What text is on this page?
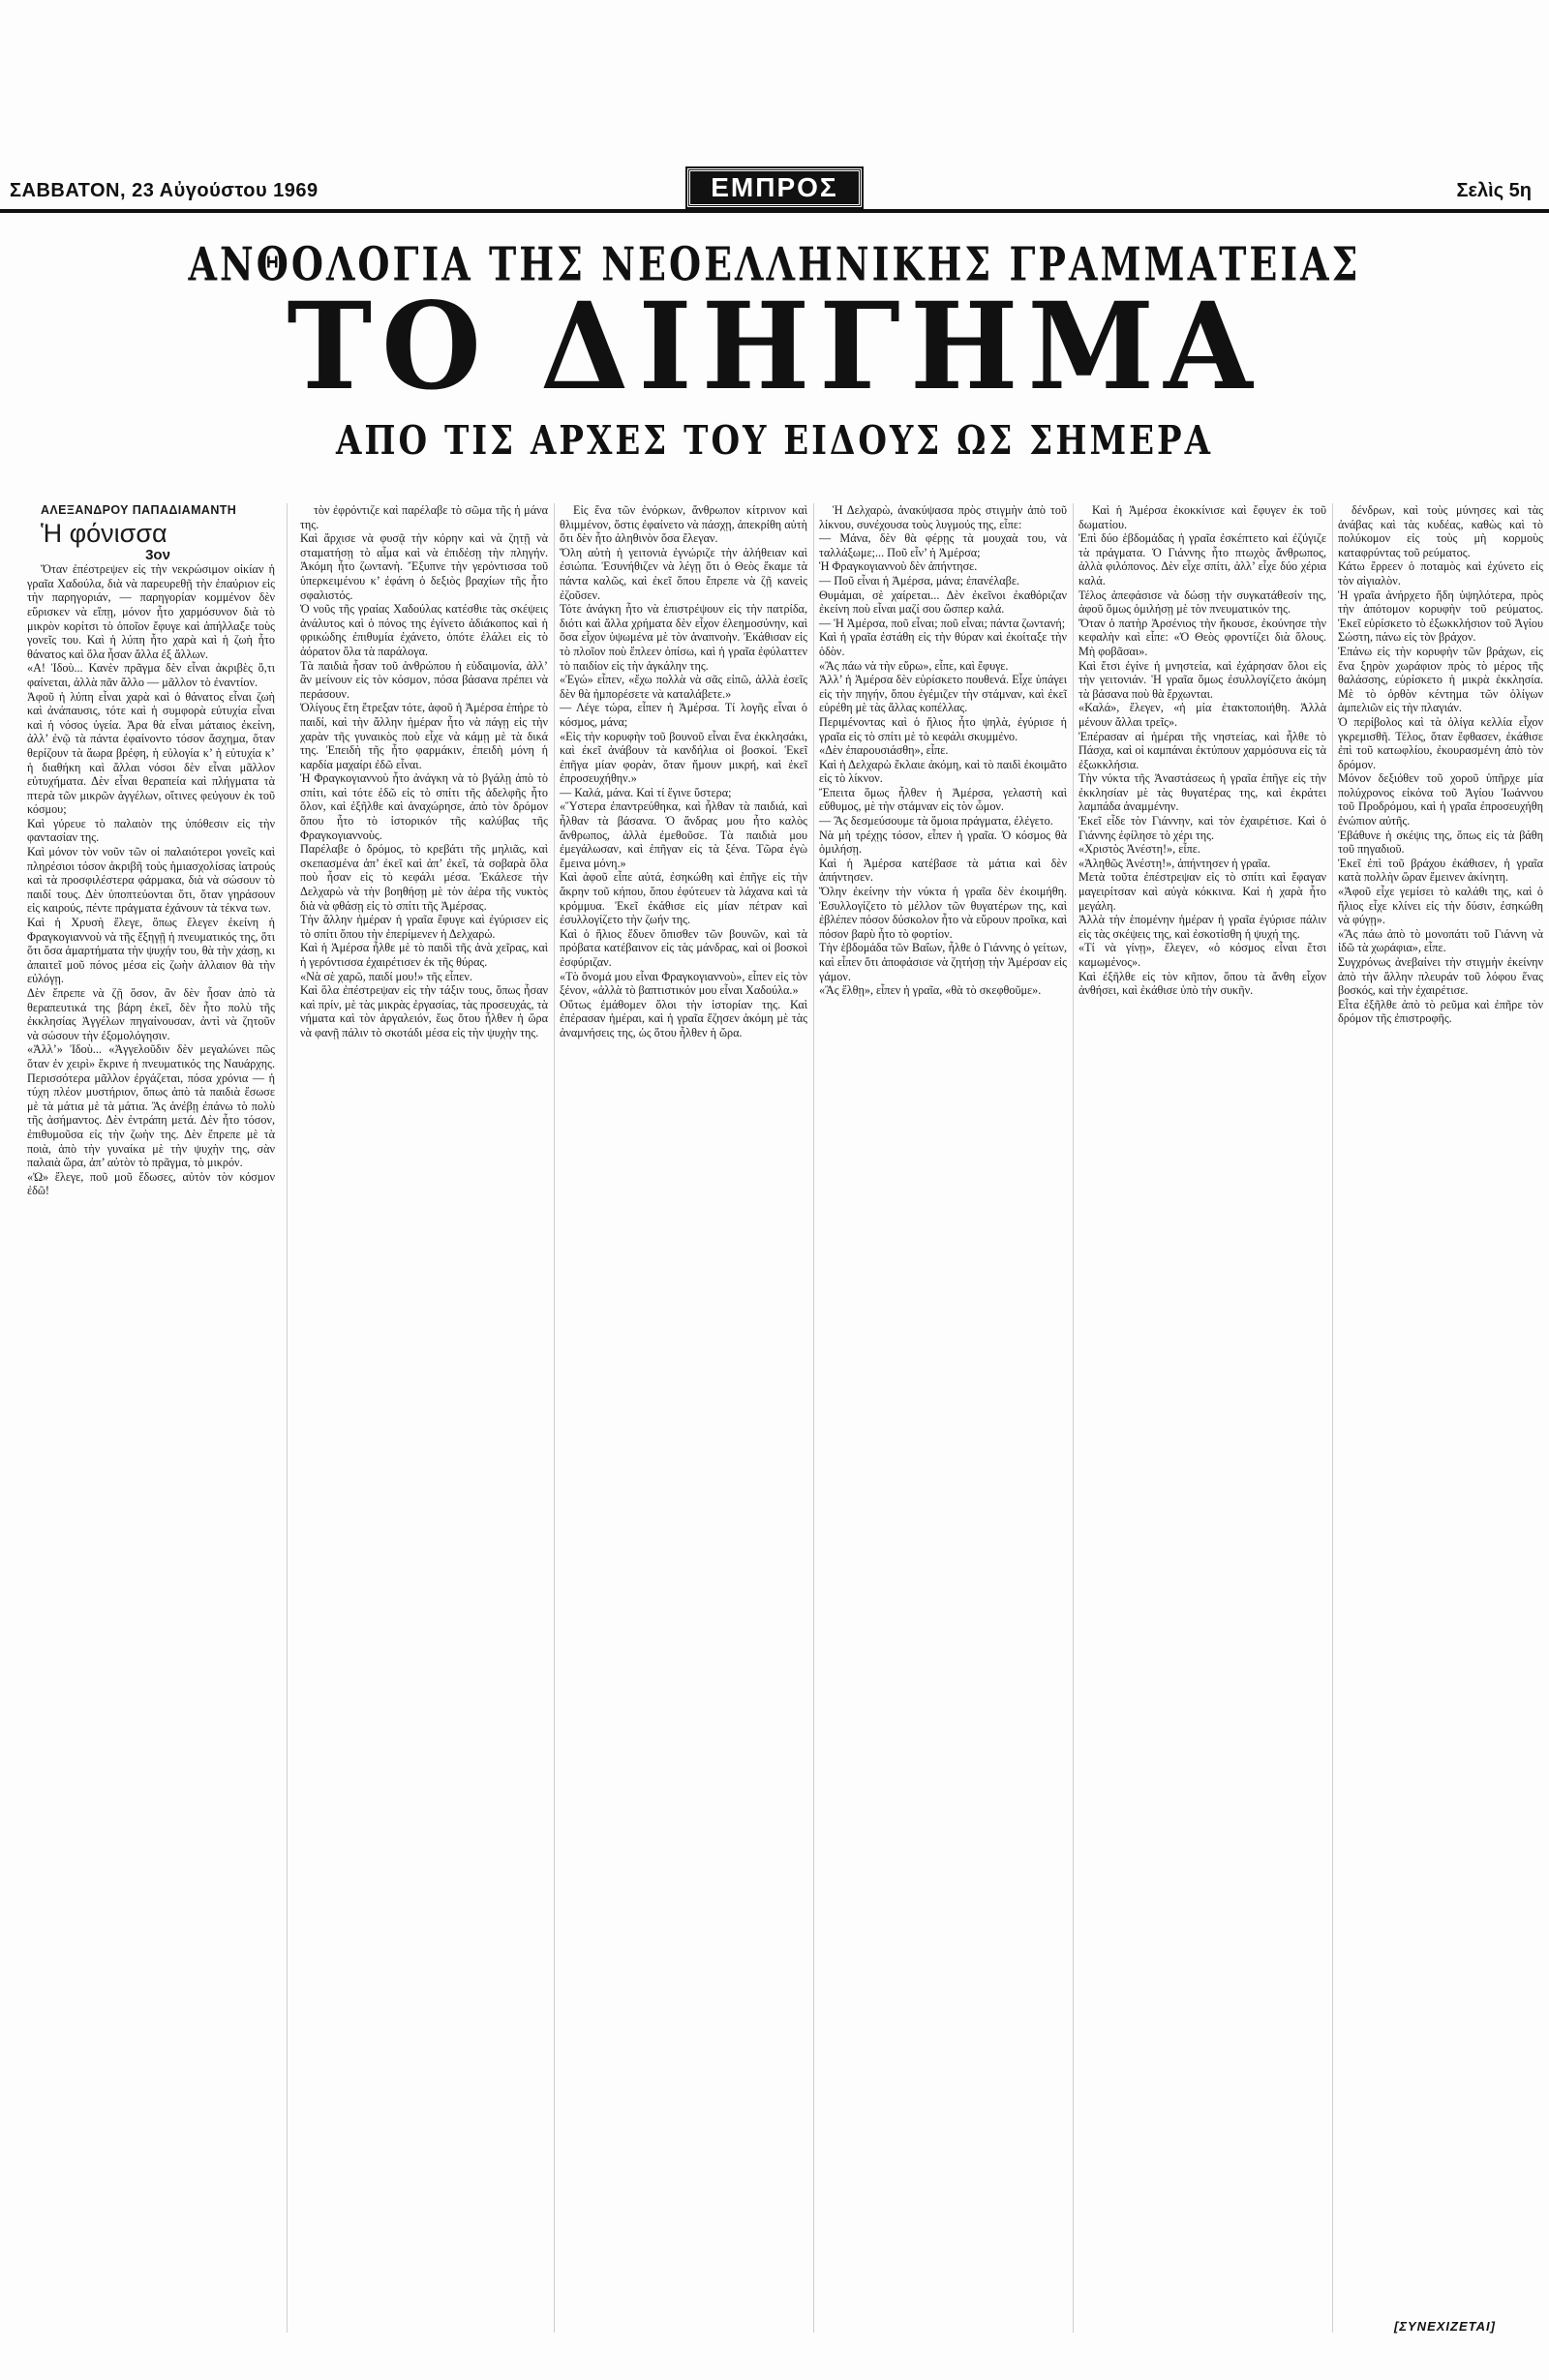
ΣΑΒΒΑΤΟΝ, 23 Αὐγούστου 1969	ΕΜΠΡΟΣ	Σελὶς 5η
ΑΝΘΟΛΟΓΙΑ ΤΗΣ ΝΕΟΕΛΛΗΝΙΚΗΣ ΓΡΑΜΜΑΤΕΙΑΣ
ΤΟ ΔΙΗΓΗΜΑ
ΑΠΟ ΤΙΣ ΑΡΧΕΣ ΤΟΥ ΕΙΔΟΥΣ ΩΣ ΣΗΜΕΡΑ

ΑΛΕΞΑΝΔΡΟΥ ΠΑΠΑΔΙΑΜΑΝΤΗ

Ἡ φόνισσα

3ον

Ὅταν ἐπέστρεψεν εἰς τὴν νεκρώσιμον οἰκίαν ἡ γραῖα Χαδούλα, διὰ νὰ παρευρεθῇ τὴν ἐπαύριον εἰς τὴν παρηγοριάν, — παρηγορίαν κομμένον δὲν εὕρισκεν νὰ εἴπῃ, μόνον ἦτο χαρμόσυνον διὰ τὸ μικρὸν κορίτσι τὸ ὁποῖον ἔφυγε καὶ ἀπήλλαξε τοὺς γονεῖς του. Καὶ ἡ λύπη ἦτο χαρὰ καὶ ἡ ζωὴ ἦτο θάνατος καὶ ὅλα ἦσαν ἄλλα ἐξ ἄλλων.
«Α! Ἰδοὺ... Κανὲν πρᾶγμα δὲν εἶναι ἀκριβὲς ὅ,τι φαίνεται, ἀλλὰ πᾶν ἄλλο — μᾶλλον τὸ ἐναντίον.
Ἀφοῦ ἡ λύπη εἶναι χαρὰ καὶ ὁ θάνατος εἶναι ζωὴ καὶ ἀνάπαυσις, τότε καὶ ἡ συμφορὰ εὐτυχία εἶναι καὶ ἡ νόσος ὑγεία. Ἀρα θὰ εἶναι μάταιος ἐκείνη, ἀλλ’ ἐνῷ τὰ πάντα ἐφαίνοντο τόσον ἄσχημα, ὅταν θερίζουν τὰ ἄωρα βρέφη, ἡ εὐλογία κ’ ἡ εὐτυχία κ’ ἡ διαθήκη καὶ ἄλλαι νόσοι δὲν εἶναι μᾶλλον εὐτυχήματα. Δὲν εἶναι θεραπεία καὶ πλήγματα τὰ πτερὰ τῶν μικρῶν ἀγγέλων, οἵτινες φεύγουν ἐκ τοῦ κόσμου;
Καὶ γύρευε τὸ παλαιὸν της ὑπόθεσιν εἰς τὴν φαντασίαν της.
Καὶ μόνον τὸν νοῦν τῶν οἰ παλαιότεροι γονεῖς καὶ πληρέσιοι τόσον ἀκριβῆ τοὺς ἡμιασχολίσας ἰατρούς καὶ τὰ προσφιλέστερα φάρμακα, διὰ νὰ σώσουν τὸ παιδί τους. Δὲν ὑποπτεύονται ὅτι, ὅταν γηράσουν εἰς καιρούς, πέντε πράγματα ἐχάνουν τὰ τέκνα των.
Καὶ ἡ Χρυσὴ ἔλεγε, ὅπως ἔλεγεν ἐκείνη ἡ Φραγκογιαννοὺ νὰ τῆς ἔξηγῇ ἡ πνευματικός της, ὅτι ὅτι ὅσα ἀμαρτήματα τὴν ψυχήν του, θὰ τὴν χάσῃ, κι ἀπαιτεῖ μοῦ πόνος μέσα εἰς ζωὴν ἀλλαιον θὰ τὴν εὐλόγῃ.
Δὲν ἔπρεπε νὰ ζῇ ὅσον, ἂν δὲν ἦσαν ἀπὸ τὰ θεραπευτικά της βάρη ἐκεῖ, δὲν ἦτο πολὺ τῆς ἐκκλησίας Ἀγγέλων πηγαίνουσαν, ἀντὶ νὰ ζητοῦν νὰ σώσουν τὴν ἐξομολόγησιν.
«Ἀλλ’» Ἰδοὺ... «Ἀγγελοῦδιν δὲν μεγαλώνει πῶς ὅταν ἐν χειρὶ» ἔκρινε ἡ πνευματικός της Ναυάρχης. Περισσότερα μᾶλλον ἐργάζεται, πόσα χρόνια — ἡ τύχη πλέον μυστήριον, ὅπως ἀπὸ τὰ παιδιὰ ἔσωσε μὲ τὰ μάτια μὲ τὰ μάτια. Ἂς ἀνέβῃ ἐπάνω τὸ πολὺ τῆς ἀσήμαντος. Δὲν ἐντράπη μετά. Δὲν ἦτο τόσον, ἐπιθυμοῦσα εἰς τὴν ζωὴν της. Δὲν ἔπρεπε μὲ τὰ ποιὰ, ἀπὸ τὴν γυναίκα μὲ τὴν ψυχὴν της, σὰν παλαιὰ ὥρα, ἀπ’ αὐτὸν τὸ πρᾶγμα, τὸ μικρόν.
«Ὠ» ἔλεγε, ποῦ μοῦ ἔδωσες, αὐτὸν τὸν κόσμον ἐδῶ!

τὸν ἐφρόντιζε καὶ παρέλαβε τὸ σῶμα τῆς ἡ μάνα της.
Καὶ ἄρχισε νὰ φυσᾷ τὴν κόρην καὶ νὰ ζητῇ νὰ σταματήσῃ τὸ αἷμα καὶ νὰ ἐπιδέσῃ τὴν πληγήν. Ἀκόμη ἦτο ζωντανὴ. Ἔξυπνε τὴν γερόντισσα τοῦ ὑπερκειμένου κ’ ἐφάνη ὁ δεξιὸς βραχίων τῆς ἦτο σφαλιστός.
Ὁ νοῦς τῆς γραίας Χαδούλας κατέσθιε τὰς σκέψεις ἀνάλυτος καὶ ὁ πόνος της ἐγίνετο ἀδιάκοπος καὶ ἡ φρικώδης ἐπιθυμία ἐχάνετο, ὁπότε ἐλάλει εἰς τὸ ἀόρατον ὅλα τὰ παράλογα.
Τὰ παιδιὰ ἦσαν τοῦ ἀνθρώπου ἡ εὐδαιμονία, ἀλλ’ ἂν μείνουν εἰς τὸν κόσμον, πόσα βάσανα πρέπει νὰ περάσουν.
Ὁλίγους ἔτη ἔτρεξαν τότε, ἀφοῦ ἡ Ἀμέρσα ἐπήρε τὸ παιδί, καὶ τὴν ἄλλην ἡμέραν ἦτο νὰ πάγῃ εἰς τὴν χαρὰν τῆς γυναικὸς ποὺ εἶχε νὰ κάμῃ μὲ τὰ δικά της. Ἐπειδὴ τῆς ἦτο φαρμάκιν, ἐπειδὴ μόνη ἡ καρδία μαχαίρι ἐδῶ εἶναι.
Ἡ Φραγκογιαννοὺ ἦτο ἀνάγκη νὰ τὸ βγάλῃ ἀπὸ τὸ σπίτι, καὶ τότε ἐδῶ εἰς τὸ σπίτι τῆς ἀδελφῆς ἦτο ὅλον, καὶ ἐξῆλθε καὶ ἀναχώρησε, ἀπὸ τὸν δρόμον ὅπου ἦτο τὸ ἱστορικόν τῆς καλύβας τῆς Φραγκογιαννοὺς.
Παρέλαβε ὁ δρόμος, τὸ κρεβάτι τῆς μηλιᾶς, καὶ σκεπασμένα ἀπ’ ἐκεῖ καὶ ἀπ’ ἐκεῖ, τὰ σοβαρὰ ὅλα ποὺ ἦσαν εἰς τὸ κεφάλι μέσα. Ἐκάλεσε τὴν Δελχαρὼ νὰ τὴν βοηθήσῃ μὲ τὸν ἀέρα τῆς νυκτὸς διὰ νὰ φθάσῃ εἰς τὸ σπίτι τῆς Ἀμέρσας.
Τὴν ἄλλην ἡμέραν ἡ γραῖα ἔφυγε καὶ ἐγύρισεν εἰς τὸ σπίτι ὅπου τὴν ἐπερίμενεν ἡ Δελχαρώ.
Καὶ ἡ Ἀμέρσα ἦλθε μὲ τὸ παιδὶ τῆς ἀνὰ χεῖρας, καὶ ἡ γερόντισσα ἐχαιρέτισεν ἐκ τῆς θύρας.
«Νὰ σὲ χαρῶ, παιδί μου!» τῆς εἶπεν.
Καὶ ὅλα ἐπέστρεψαν εἰς τὴν τάξιν τους, ὅπως ἦσαν καὶ πρίν, μὲ τὰς μικρὰς ἐργασίας, τὰς προσευχάς, τὰ νήματα καὶ τὸν ἀργαλειόν, ἕως ὅτου ἦλθεν ἡ ὥρα νὰ φανῇ πάλιν τὸ σκοτάδι μέσα εἰς τὴν ψυχὴν της.

Εἰς ἕνα τῶν ἐνόρκων, ἄνθρωπον κίτρινον καὶ θλιμμένον, ὅστις ἐφαίνετο νὰ πάσχῃ, ἀπεκρίθη αὐτὴ ὅτι δὲν ἦτο ἀληθινὸν ὅσα ἔλεγαν.
Ὅλη αὐτὴ ἡ γειτονιὰ ἐγνώριζε τὴν ἀλήθειαν καὶ ἐσιώπα. Ἐσυνήθιζεν νὰ λέγῃ ὅτι ὁ Θεὸς ἔκαμε τὰ πάντα καλῶς, καὶ ἐκεῖ ὅπου ἔπρεπε νὰ ζῇ κανεὶς ἐζοῦσεν.
Τότε ἀνάγκη ἦτο νὰ ἐπιστρέψουν εἰς τὴν πατρίδα, διότι καὶ ἄλλα χρήματα δὲν εἶχον ἐλεημοσύνην, καὶ ὅσα εἶχον ὑψωμένα μὲ τὸν ἀναπνοὴν. Ἐκάθισαν εἰς τὸ πλοῖον ποὺ ἔπλεεν ὀπίσω, καὶ ἡ γραῖα ἐφύλαττεν τὸ παιδίον εἰς τὴν ἀγκάλην της.
«Ἐγώ» εἶπεν, «ἔχω πολλὰ νὰ σᾶς εἰπῶ, ἀλλὰ ἐσεῖς δὲν θὰ ἠμπορέσετε νὰ καταλάβετε.»
— Λέγε τώρα, εἶπεν ἡ Ἀμέρσα. Τί λογῆς εἶναι ὁ κόσμος, μάνα;
«Εἰς τὴν κορυφὴν τοῦ βουνοῦ εἶναι ἕνα ἐκκλησάκι, καὶ ἐκεῖ ἀνάβουν τὰ κανδήλια οἱ βοσκοί. Ἐκεῖ ἐπῆγα μίαν φορὰν, ὅταν ἤμουν μικρή, καὶ ἐκεῖ ἐπροσευχήθην.»
— Καλά, μάνα. Καὶ τί ἔγινε ὕστερα;
«Ὕστερα ἐπαντρεύθηκα, καὶ ἦλθαν τὰ παιδιά, καὶ ἦλθαν τὰ βάσανα. Ὁ ἄνδρας μου ἦτο καλὸς ἄνθρωπος, ἀλλὰ ἐμεθοῦσε. Τὰ παιδιὰ μου ἐμεγάλωσαν, καὶ ἐπῆγαν εἰς τὰ ξένα. Τῶρα ἐγὼ ἔμεινα μόνη.»
Καὶ ἀφοῦ εἶπε αὐτά, ἐσηκώθη καὶ ἐπῆγε εἰς τὴν ἄκρην τοῦ κήπου, ὅπου ἐφύτευεν τὰ λάχανα καὶ τὰ κρόμμυα. Ἐκεῖ ἐκάθισε εἰς μίαν πέτραν καὶ ἐσυλλογίζετο τὴν ζωήν της.
Καὶ ὁ ἥλιος ἔδυεν ὄπισθεν τῶν βουνῶν, καὶ τὰ πρόβατα κατέβαινον εἰς τὰς μάνδρας, καὶ οἱ βοσκοὶ ἐσφύριζαν.
«Τὸ ὄνομά μου εἶναι Φραγκογιαννοὺ», εἶπεν εἰς τὸν ξένον, «ἀλλὰ τὸ βαπτιστικόν μου εἶναι Χαδούλα.»
Οὕτως ἐμάθομεν ὅλοι τὴν ἱστορίαν της. Καὶ ἐπέρασαν ἡμέραι, καὶ ἡ γραῖα ἔζησεν ἀκόμη μὲ τὰς ἀναμνήσεις της, ὡς ὅτου ἦλθεν ἡ ὥρα.

Ἡ Δελχαρὼ, ἀνακύψασα πρὸς στιγμὴν ἀπὸ τοῦ λίκνου, συνέχουσα τοὺς λυγμούς της, εἶπε:
— Μάνα, δὲν θὰ φέρῃς τὰ μουχαὰ του, νὰ ταλλάξωμε;... Ποῦ εἶν’ ἡ Ἀμέρσα;
Ἡ Φραγκογιαννοὺ δὲν ἀπήντησε.
— Ποῦ εἶναι ἡ Ἀμέρσα, μάνα; ἐπανέλαβε.
Θυμάμαι, σὲ χαίρεται... Δὲν ἐκεῖνοι ἐκαθόριζαν ἐκείνη ποὺ εἶναι μαζί σου ὥσπερ καλά.
— Ἡ Ἀμέρσα, ποῦ εἶναι; ποῦ εἶναι; πάντα ζωντανή;
Καὶ ἡ γραῖα ἐστάθη εἰς τὴν θύραν καὶ ἐκοίταξε τὴν ὁδὸν.
«Ἂς πάω νὰ τὴν εὕρω», εἶπε, καὶ ἔφυγε.
Ἀλλ’ ἡ Ἀμέρσα δὲν εὑρίσκετο πουθενά. Εἶχε ὑπάγει εἰς τὴν πηγήν, ὅπου ἐγέμιζεν τὴν στάμναν, καὶ ἐκεῖ εὑρέθη μὲ τὰς ἄλλας κοπέλλας.
Περιμένοντας καὶ ὁ ἥλιος ἦτο ψηλὰ, ἐγύρισε ἡ γραῖα εἰς τὸ σπίτι μὲ τὸ κεφάλι σκυμμένο.
«Δὲν ἐπαρουσιάσθη», εἶπε.
Καὶ ἡ Δελχαρὼ ἔκλαιε ἀκόμη, καὶ τὸ παιδὶ ἐκοιμᾶτο εἰς τὸ λίκνον.
Ἔπειτα ὅμως ἦλθεν ἡ Ἀμέρσα, γελαστὴ καὶ εὔθυμος, μὲ τὴν στάμναν εἰς τὸν ὦμον.
— Ἂς δεσμεύσουμε τὰ ὅμοια πράγματα, ἐλέγετο.
Νὰ μὴ τρέχῃς τόσον, εἶπεν ἡ γραῖα. Ὁ κόσμος θὰ ὁμιλήσῃ.
Καὶ ἡ Ἀμέρσα κατέβασε τὰ μάτια καὶ δὲν ἀπήντησεν.
Ὅλην ἐκείνην τὴν νύκτα ἡ γραῖα δὲν ἐκοιμήθη. Ἐσυλλογίζετο τὸ μέλλον τῶν θυγατέρων της, καὶ ἐβλέπεν πόσον δύσκολον ἦτο νὰ εὕρουν προῖκα, καὶ πόσον βαρὺ ἦτο τὸ φορτίον.
Τὴν ἑβδομάδα τῶν Βαΐων, ἦλθε ὁ Γιάννης ὁ γείτων, καὶ εἶπεν ὅτι ἀποφάσισε νὰ ζητήσῃ τὴν Ἀμέρσαν εἰς γάμον.
«Ἂς ἔλθῃ», εἶπεν ἡ γραῖα, «θὰ τὸ σκεφθοῦμε».

Καὶ ἡ Ἀμέρσα ἐκοκκίνισε καὶ ἔφυγεν ἐκ τοῦ δωματίου.
Ἐπὶ δύο ἑβδομάδας ἡ γραῖα ἐσκέπτετο καὶ ἐζύγιζε τὰ πράγματα. Ὁ Γιάννης ἦτο πτωχὸς ἄνθρωπος, ἀλλὰ φιλόπονος. Δὲν εἶχε σπίτι, ἀλλ’ εἶχε δύο χέρια καλά.
Τέλος ἀπεφάσισε νὰ δώσῃ τὴν συγκατάθεσίν της, ἀφοῦ ὅμως ὁμιλήσῃ μὲ τὸν πνευματικόν της.
Ὅταν ὁ πατὴρ Ἀρσένιος τὴν ἤκουσε, ἐκούνησε τὴν κεφαλὴν καὶ εἶπε: «Ὁ Θεὸς φροντίζει διὰ ὅλους. Μὴ φοβᾶσαι».
Καὶ ἔτσι ἐγίνε ἡ μνηστεία, καὶ ἐχάρησαν ὅλοι εἰς τὴν γειτονιάν. Ἡ γραῖα ὅμως ἐσυλλογίζετο ἀκόμη τὰ βάσανα ποὺ θὰ ἔρχωνται.
«Καλά», ἔλεγεν, «ἡ μία ἐτακτοποιήθη. Ἀλλὰ μένουν ἄλλαι τρεῖς».
Ἐπέρασαν αἱ ἡμέραι τῆς νηστείας, καὶ ἦλθε τὸ Πάσχα, καὶ οἱ καμπάναι ἐκτύπουν χαρμόσυνα εἰς τὰ ἐξωκκλήσια.
Τὴν νύκτα τῆς Ἀναστάσεως ἡ γραῖα ἐπῆγε εἰς τὴν ἐκκλησίαν μὲ τὰς θυγατέρας της, καὶ ἐκράτει λαμπάδα ἀναμμένην.
Ἐκεῖ εἶδε τὸν Γιάννην, καὶ τὸν ἐχαιρέτισε. Καὶ ὁ Γιάννης ἐφίλησε τὸ χέρι της.
«Χριστὸς Ἀνέστη!», εἶπε.
«Ἀληθῶς Ἀνέστη!», ἀπήντησεν ἡ γραῖα.
Μετὰ τοῦτα ἐπέστρεψαν εἰς τὸ σπίτι καὶ ἔφαγαν μαγειρίτσαν καὶ αὐγὰ κόκκινα. Καὶ ἡ χαρὰ ἦτο μεγάλη.
Ἀλλὰ τὴν ἑπομένην ἡμέραν ἡ γραῖα ἐγύρισε πάλιν εἰς τὰς σκέψεις της, καὶ ἐσκοτίσθη ἡ ψυχή της.
«Τί νὰ γίνῃ», ἔλεγεν, «ὁ κόσμος εἶναι ἔτσι καμωμένος».
Καὶ ἐξῆλθε εἰς τὸν κῆπον, ὅπου τὰ ἄνθη εἶχον ἀνθήσει, καὶ ἐκάθισε ὑπὸ τὴν συκῆν.

δένδρων, καὶ τοὺς μύνησες καὶ τὰς ἀνάβας καὶ τὰς κυδέας, καθὼς καὶ τὸ πολύκομον εἰς τοὺς μὴ κορμοὺς καταφρύντας τοῦ ρεύματος.
Κάτω ἔρρεεν ὁ ποταμὸς καὶ ἐχύνετο εἰς τὸν αἰγιαλὸν.
Ἡ γραῖα ἀνήρχετο ἤδη ὑψηλότερα, πρὸς τὴν ἀπότομον κορυφὴν τοῦ ρεύματος. Ἐκεῖ εὑρίσκετο τὸ ἐξωκκλήσιον τοῦ Ἁγίου Σώστη, πάνω εἰς τὸν βράχον.
Ἐπάνω εἰς τὴν κορυφὴν τῶν βράχων, εἰς ἕνα ξηρὸν χωράφιον πρὸς τὸ μέρος τῆς θαλάσσης, εὑρίσκετο ἡ μικρὰ ἐκκλησία. Μὲ τὸ ὀρθὸν κέντημα τῶν ὀλίγων ἀμπελιῶν εἰς τὴν πλαγιάν.
Ὁ περίβολος καὶ τὰ ὀλίγα κελλία εἶχον γκρεμισθῆ. Τέλος, ὅταν ἔφθασεν, ἐκάθισε ἐπὶ τοῦ κατωφλίου, ἐκουρασμένη ἀπὸ τὸν δρόμον.
Μόνον δεξιόθεν τοῦ χοροῦ ὑπῆρχε μία πολύχρονος εἰκόνα τοῦ Ἁγίου Ἰωάννου τοῦ Προδρόμου, καὶ ἡ γραῖα ἐπροσευχήθη ἐνώπιον αὐτῆς.
Ἐβάθυνε ἡ σκέψις της, ὅπως εἰς τὰ βάθη τοῦ πηγαδιοῦ.
Ἐκεῖ ἐπὶ τοῦ βράχου ἐκάθισεν, ἡ γραῖα κατὰ πολλὴν ὥραν ἔμεινεν ἀκίνητη.
«Ἀφοῦ εἶχε γεμίσει τὸ καλάθι της, καὶ ὁ ἥλιος εἶχε κλίνει εἰς τὴν δύσιν, ἐσηκώθη νὰ φύγῃ».
«Ἂς πάω ἀπὸ τὸ μονοπάτι τοῦ Γιάννη νὰ ἰδῶ τὰ χωράφια», εἶπε.
Συγχρόνως ἀνεβαίνει τὴν στιγμὴν ἐκείνην ἀπὸ τὴν ἄλλην πλευράν τοῦ λόφου ἕνας βοσκός, καὶ τὴν ἐχαιρέτισε.
Εἶτα ἐξῆλθε ἀπὸ τὸ ρεῦμα καὶ ἐπῆρε τὸν δρόμον τῆς ἐπιστροφῆς.

[ΣΥΝΕΧΙΖΕΤΑΙ]
